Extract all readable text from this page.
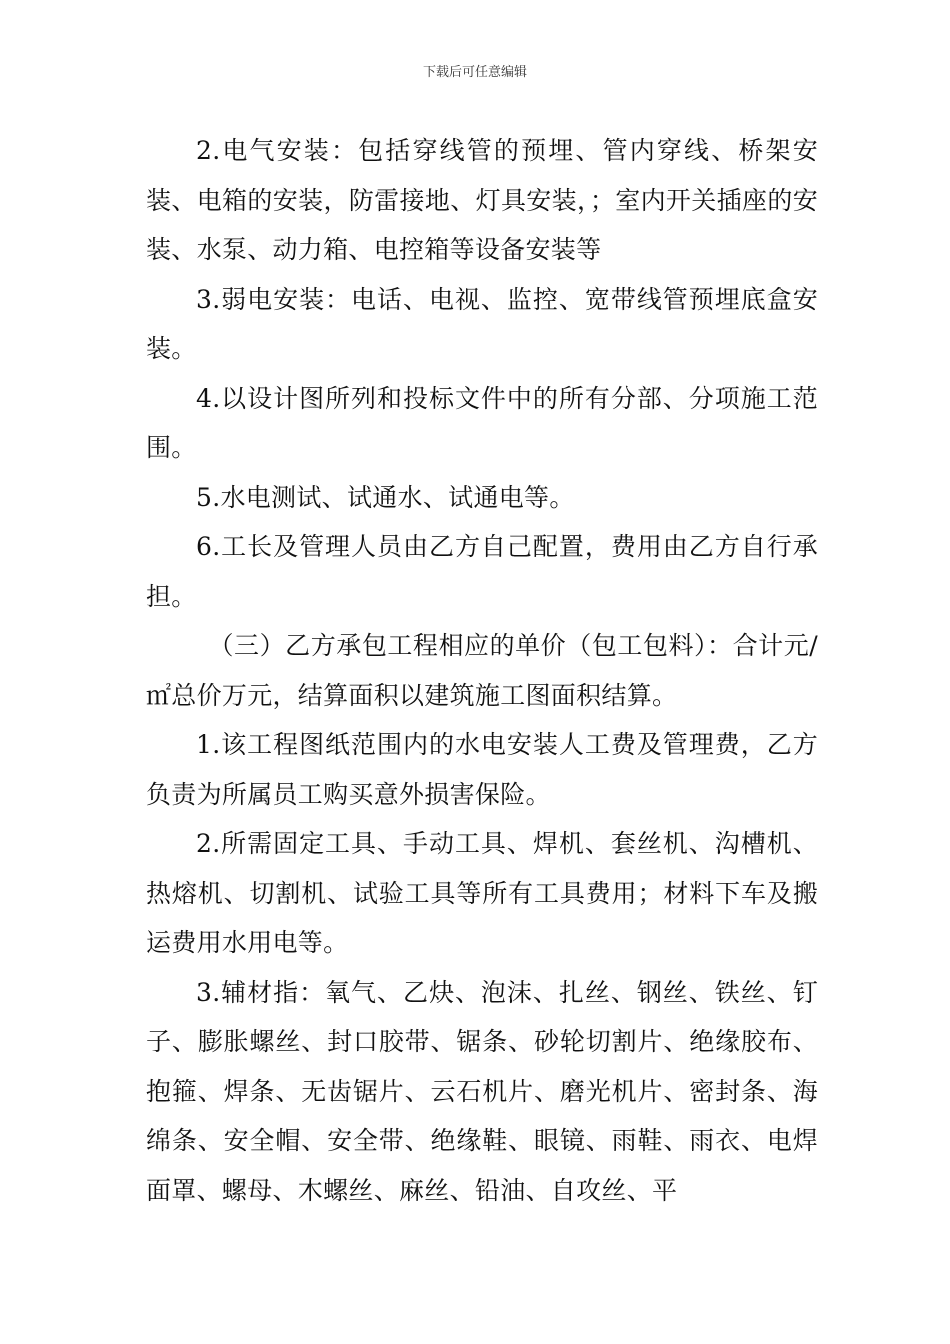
下载后可任意编辑

2.电气安装：包括穿线管的预埋、管内穿线、桥架安装、电箱的安装，防雷接地、灯具安装，；室内开关插座的安装、水泵、动力箱、电控箱等设备安装等

3.弱电安装：电话、电视、监控、宽带线管预埋底盒安装。

4.以设计图所列和投标文件中的所有分部、分项施工范围。

5.水电测试、试通水、试通电等。

6.工长及管理人员由乙方自己配置，费用由乙方自行承担。

（三）乙方承包工程相应的单价（包工包料）：合计元/㎡总价万元，结算面积以建筑施工图面积结算。

1.该工程图纸范围内的水电安装人工费及管理费，乙方负责为所属员工购买意外损害保险。

2.所需固定工具、手动工具、焊机、套丝机、沟槽机、热熔机、切割机、试验工具等所有工具费用；材料下车及搬运费用水用电等。

3.辅材指：氧气、乙炔、泡沫、扎丝、钢丝、铁丝、钉子、膨胀螺丝、封口胶带、锯条、砂轮切割片、绝缘胶布、抱箍、焊条、无齿锯片、云石机片、磨光机片、密封条、海绵条、安全帽、安全带、绝缘鞋、眼镜、雨鞋、雨衣、电焊面罩、螺母、木螺丝、麻丝、铅油、自攻丝、平
